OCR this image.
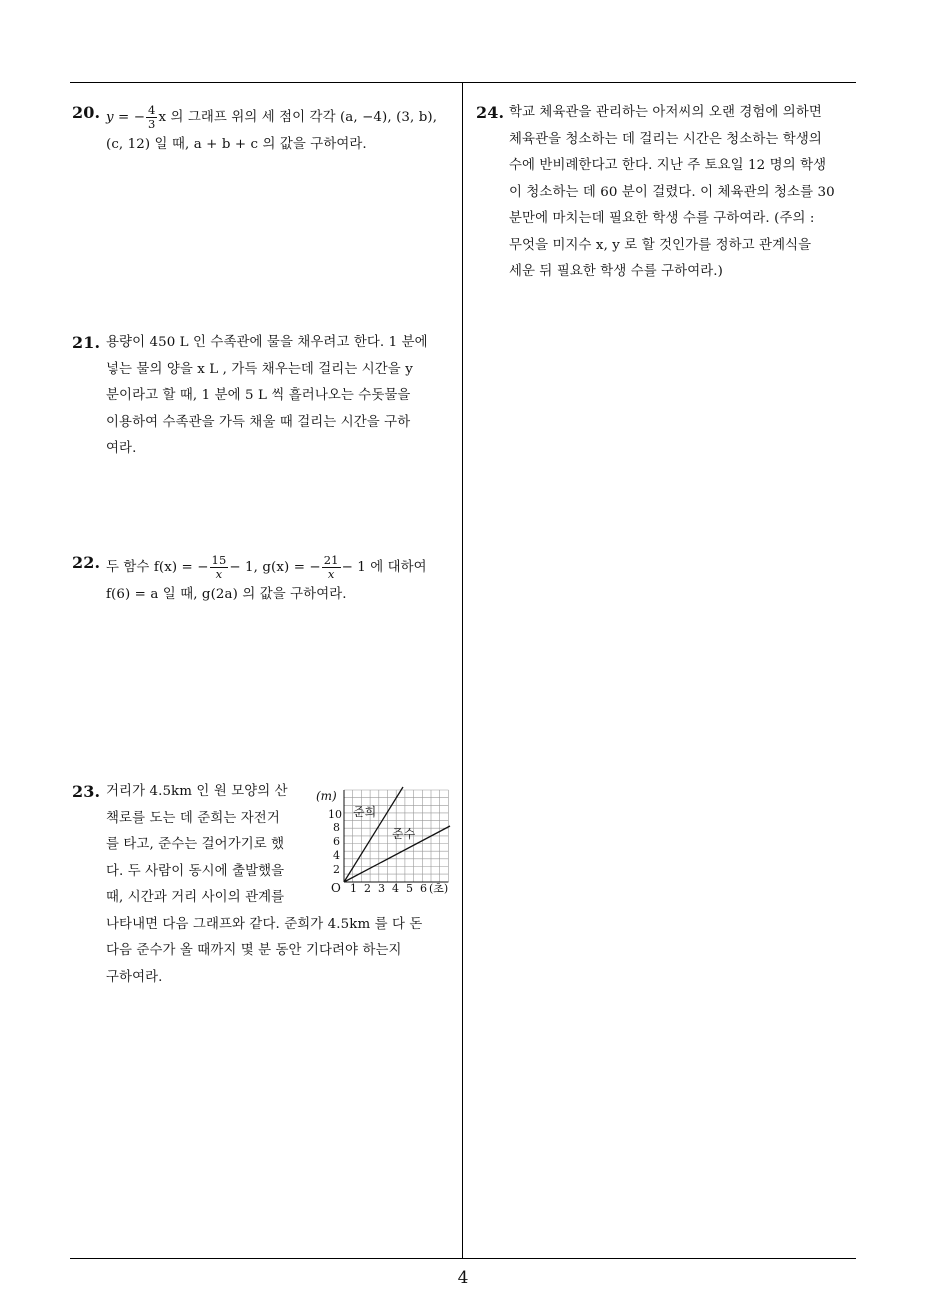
20. y = − $\frac{4}{3}$ x 의 그래프 위의 세 점이 각각 (a, −4), (3, b),
(c, 12) 일 때, a + b + c 의 값을 구하여라.
21. 용량이 450 L 인 수족관에 물을 채우려고 한다. 1 분에
넣는 물의 양을 x L , 가득 채우는데 걸리는 시간을 y
분이라고 할 때, 1 분에 5 L 씩 흘러나오는 수돗물을
이용하여 수족관을 가득 채울 때 걸리는 시간을 구하
여라.
22. 두 함수 f(x) = − $\frac{15}{x} - 1$, g(x) = − $\frac{21}{x} - 1$ 에 대하여
f(6) = a 일 때, g(2a) 의 값을 구하여라.
23. 거리가 4.5km 인 원 모양의 산
책로를 도는 데 준희는 자전거
를 타고, 준수는 걸어가기로 했
다. 두 사람이 동시에 출발했을
때, 시간과 거리 사이의 관계를
나타내면 다음 그래프와 같다. 준희가 4.5km 를 다 돈
다음 준수가 올 때까지 몇 분 동안 기다려야 하는지
구하여라.
(m)
10
8
6
4
2
O 1 2 3 4 5 6 (초)
준희
준수
24. 학교 체육관을 관리하는 아저씨의 오랜 경험에 의하면
체육관을 청소하는 데 걸리는 시간은 청소하는 학생의
수에 반비례한다고 한다. 지난 주 토요일 12 명의 학생
이 청소하는 데 60 분이 걸렸다. 이 체육관의 청소를 30
분만에 마치는데 필요한 학생 수를 구하여라. (주의 :
무엇을 미지수 x, y 로 할 것인가를 정하고 관계식을
세운 뒤 필요한 학생 수를 구하여라.)
4
